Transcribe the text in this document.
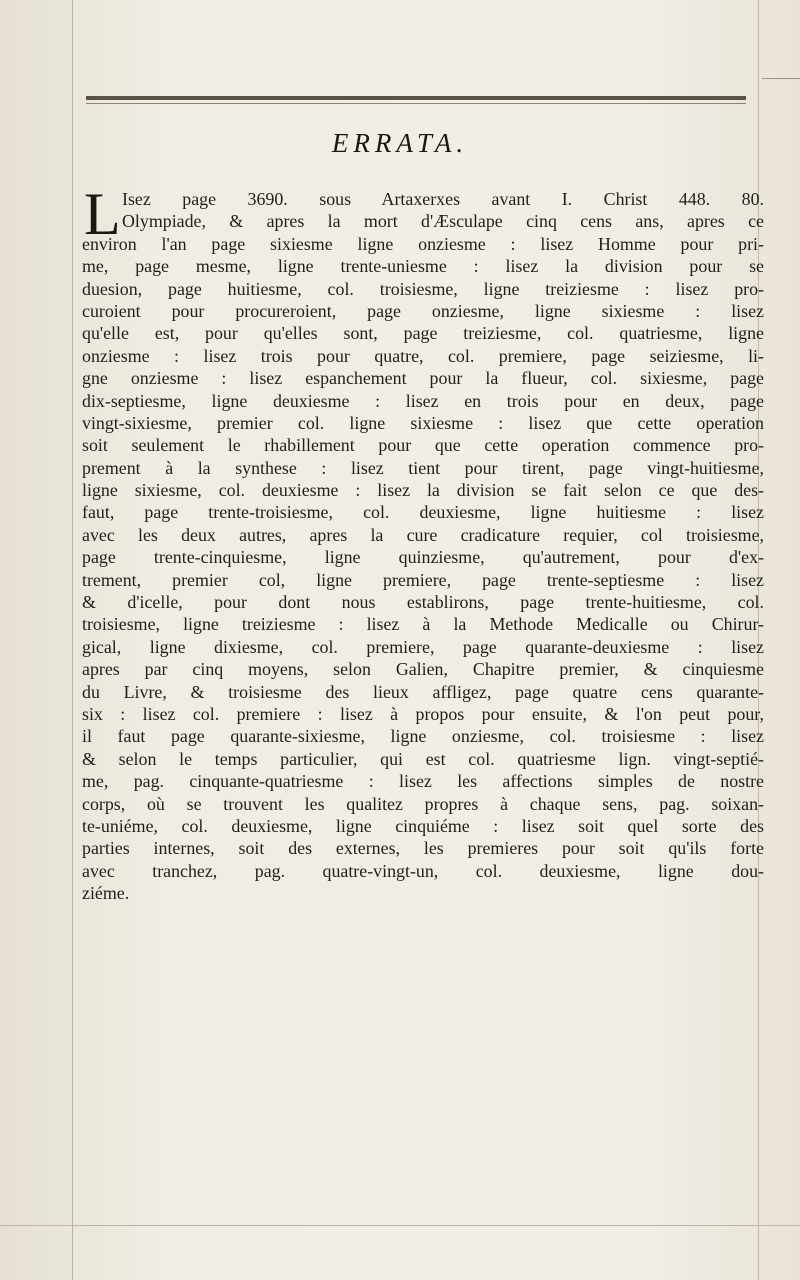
ERRATA.
L Isez page 3690. sous Artaxerxes avant I. Christ 448. 80.
Olympiade, & apres la mort d'Æsculape cinq cens ans, apres ce
environ l'an page sixiesme ligne onziesme : lisez Homme pour pri-
me, page mesme, ligne trente-uniesme : lisez la division pour se
duesion, page huitiesme, col. troisiesme, ligne treiziesme : lisez pro-
curoient pour procureroient, page onziesme, ligne sixiesme : lisez
qu'elle est, pour qu'elles sont, page treiziesme, col. quatriesme, ligne
onziesme : lisez trois pour quatre, col. premiere, page seiziesme, li-
gne onziesme : lisez espanchement pour la flueur, col. sixiesme, page
dix-septiesme, ligne deuxiesme : lisez en trois pour en deux, page
vingt-sixiesme, premier col. ligne sixiesme : lisez que cette operation
soit seulement le rhabillement pour que cette operation commence pro-
prement à la synthese : lisez tient pour tirent, page vingt-huitiesme,
ligne sixiesme, col. deuxiesme : lisez la division se fait selon ce que des-
faut, page trente-troisiesme, col. deuxiesme, ligne huitiesme : lisez
avec les deux autres, apres la cure cradicature requier, col troisiesme,
page trente-cinquiesme, ligne quinziesme, qu'autrement, pour d'ex-
trement, premier col, ligne premiere, page trente-septiesme : lisez
& d'icelle, pour dont nous establirons, page trente-huitiesme, col.
troisiesme, ligne treiziesme : lisez à la Methode Medicalle ou Chirur-
gical, ligne dixiesme, col. premiere, page quarante-deuxiesme : lisez
apres par cinq moyens, selon Galien, Chapitre premier, & cinquiesme
du Livre, & troisiesme des lieux affligez, page quatre cens quarante-
six : lisez col. premiere : lisez à propos pour ensuite, & l'on peut pour,
il faut page quarante-sixiesme, ligne onziesme, col. troisiesme : lisez
& selon le temps particulier, qui est col. quatriesme lign. vingt-septié-
me, pag. cinquante-quatriesme : lisez les affections simples de nostre
corps, où se trouvent les qualitez propres à chaque sens, pag. soixan-
te-uniéme, col. deuxiesme, ligne cinquiéme : lisez soit quel sorte des
parties internes, soit des externes, les premieres pour soit qu'ils forte
avec tranchez, pag. quatre-vingt-un, col. deuxiesme, ligne dou-
ziéme.
